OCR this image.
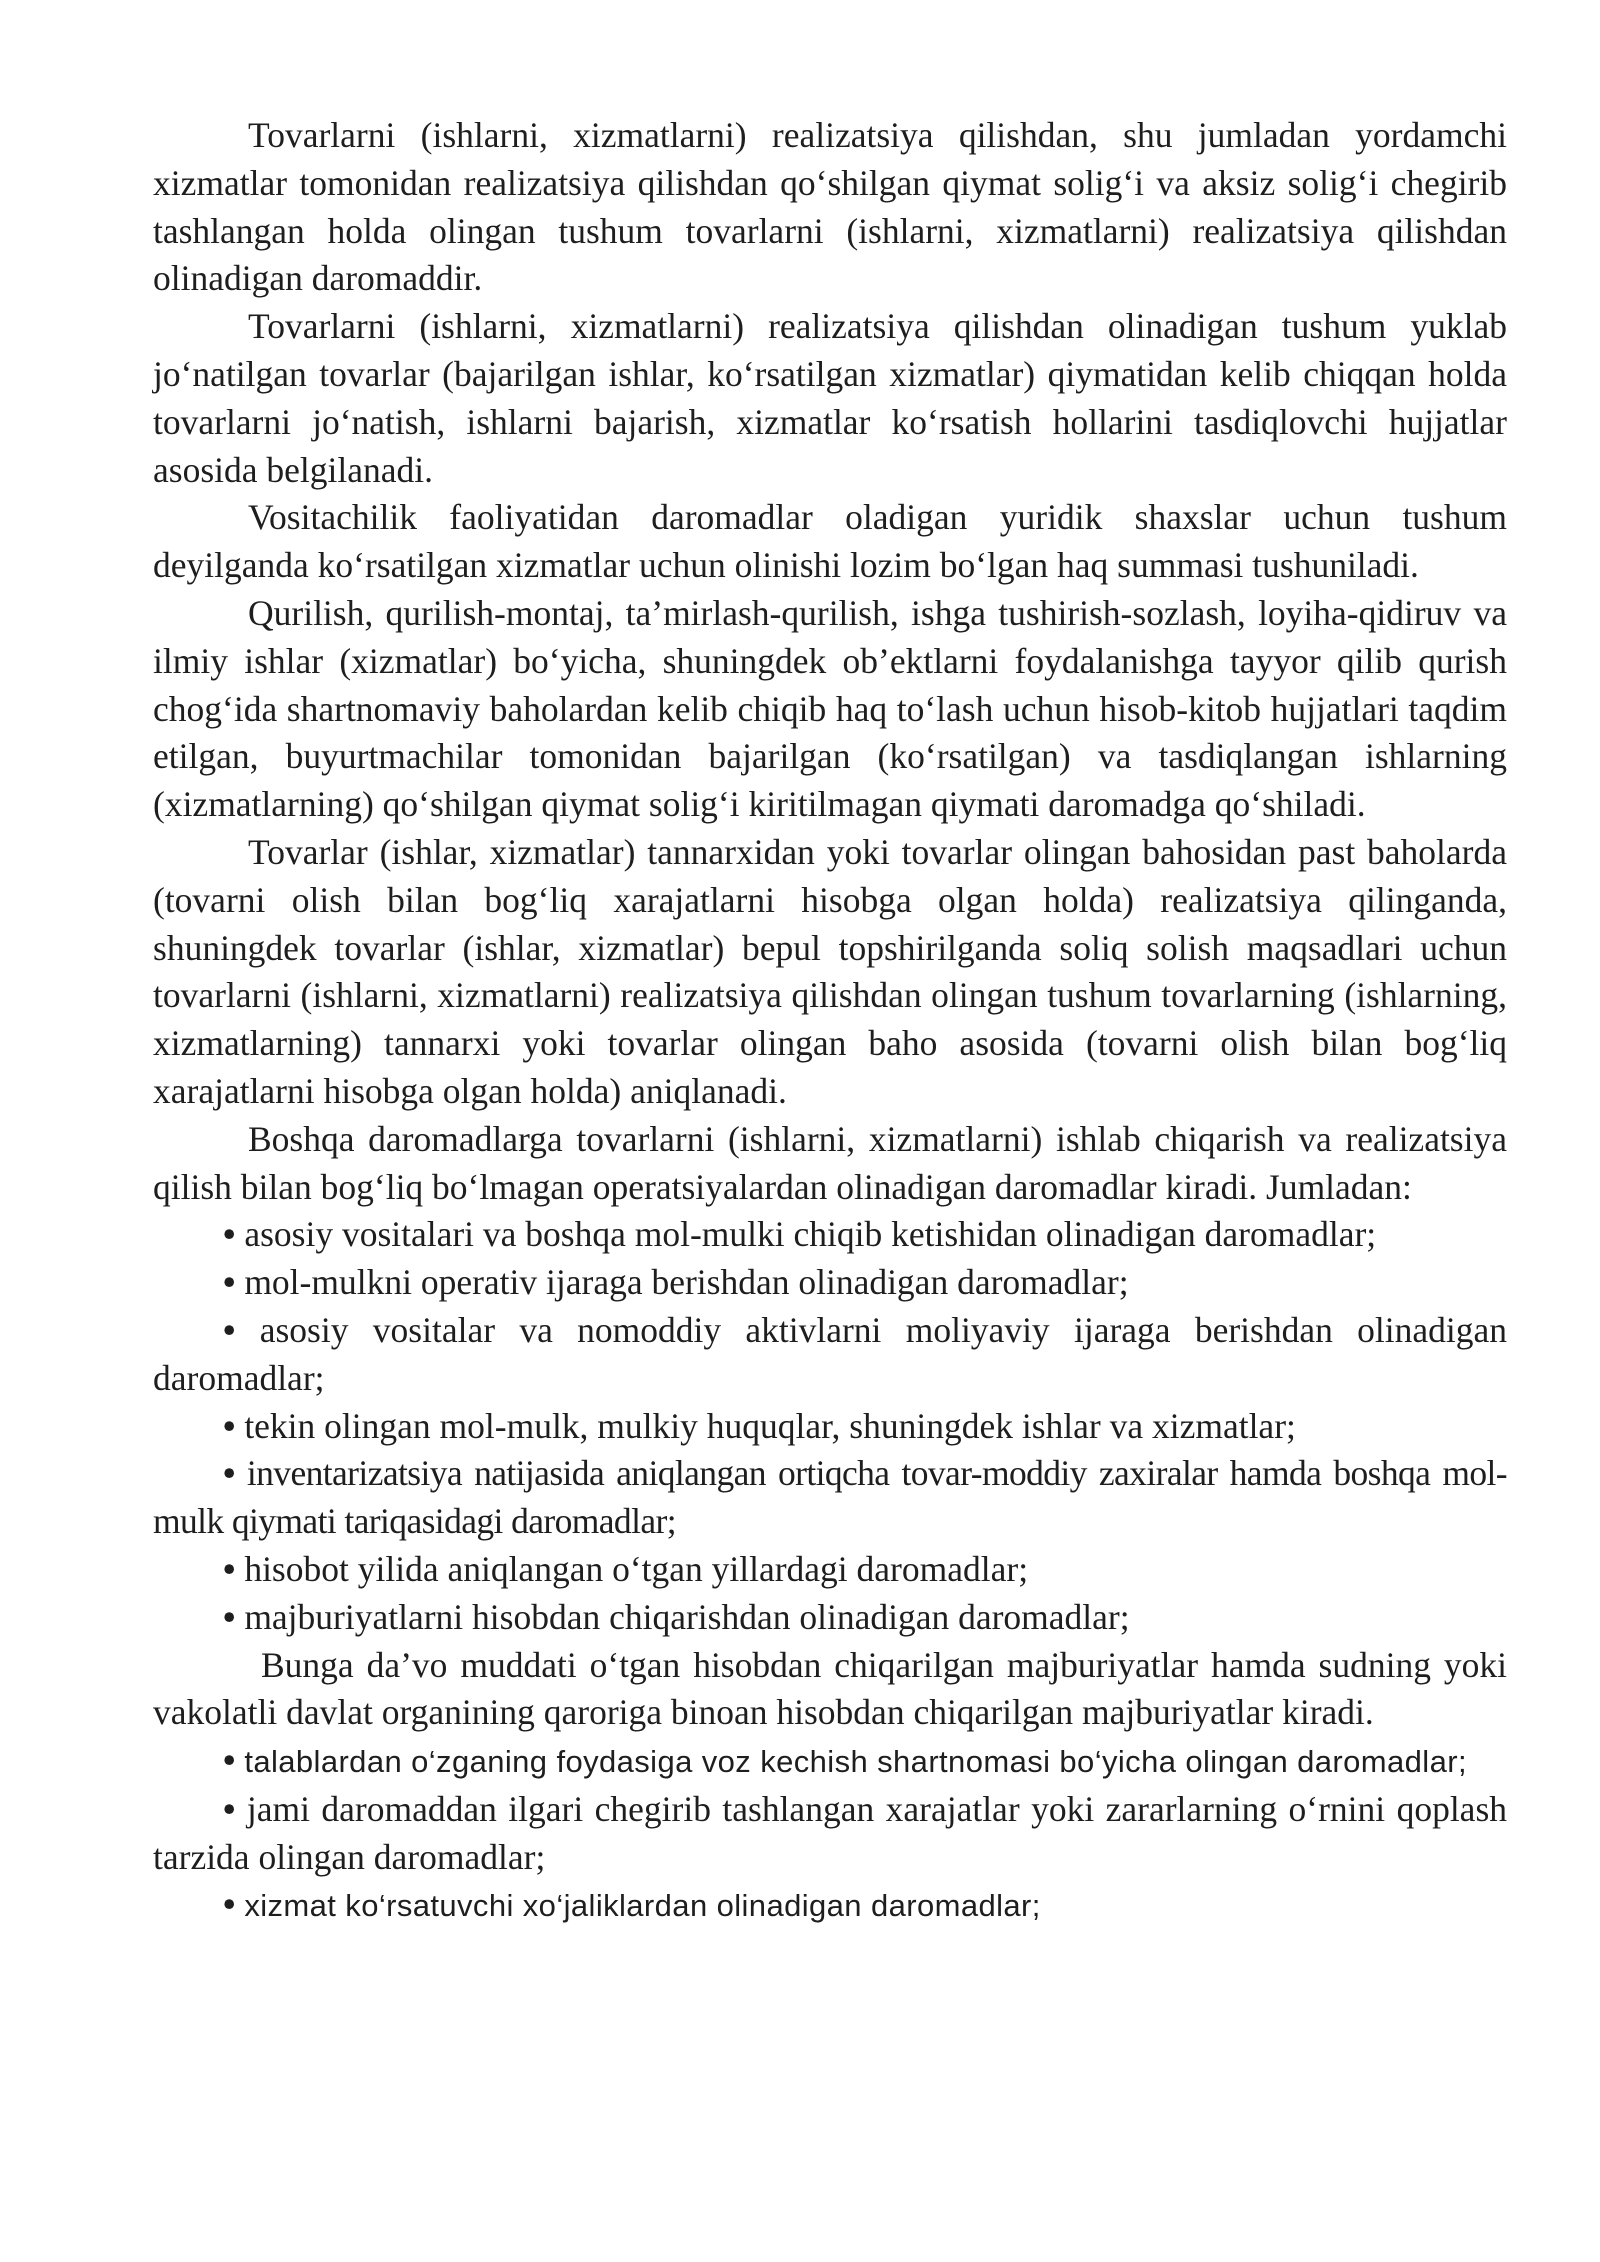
Tovarlarni (ishlarni, xizmatlarni) realizatsiya qilishdan, shu jumladan yordamchi xizmatlar tomonidan realizatsiya qilishdan qo‘shilgan qiymat solig‘i va aksiz solig‘i chegirib tashlangan holda olingan tushum tovarlarni (ishlarni, xizmatlarni) realizatsiya qilishdan olinadigan daromaddir.

Tovarlarni (ishlarni, xizmatlarni) realizatsiya qilishdan olinadigan tushum yuklab jo‘natilgan tovarlar (bajarilgan ishlar, ko‘rsatilgan xizmatlar) qiymatidan kelib chiqqan holda tovarlarni jo‘natish, ishlarni bajarish, xizmatlar ko‘rsatish hollarini tasdiqlovchi hujjatlar asosida belgilanadi.

Vositachilik faoliyatidan daromadlar oladigan yuridik shaxslar uchun tushum deyilganda ko‘rsatilgan xizmatlar uchun olinishi lozim bo‘lgan haq summasi tushuniladi.

Qurilish, qurilish-montaj, ta’mirlash-qurilish, ishga tushirish-sozlash, loyiha-qidiruv va ilmiy ishlar (xizmatlar) bo‘yicha, shuningdek ob’ektlarni foydalanishga tayyor qilib qurish chog‘ida shartnomaviy baholardan kelib chiqib haq to‘lash uchun hisob-kitob hujjatlari taqdim etilgan, buyurtmachilar tomonidan bajarilgan (ko‘rsatilgan) va tasdiqlangan ishlarning (xizmatlarning) qo‘shilgan qiymat solig‘i kiritilmagan qiymati daromadga qo‘shiladi.

Tovarlar (ishlar, xizmatlar) tannarxidan yoki tovarlar olingan bahosidan past baholarda (tovarni olish bilan bog‘liq xarajatlarni hisobga olgan holda) realizatsiya qilinganda, shuningdek tovarlar (ishlar, xizmatlar) bepul topshirilganda soliq solish maqsadlari uchun tovarlarni (ishlarni, xizmatlarni) realizatsiya qilishdan olingan tushum tovarlarning (ishlarning, xizmatlarning) tannarxi yoki tovarlar olingan baho asosida (tovarni olish bilan bog‘liq xarajatlarni hisobga olgan holda) aniqlanadi.

Boshqa daromadlarga tovarlarni (ishlarni, xizmatlarni) ishlab chiqarish va realizatsiya qilish bilan bog‘liq bo‘lmagan operatsiyalardan olinadigan daromadlar kiradi. Jumladan:

• asosiy vositalari va boshqa mol-mulki chiqib ketishidan olinadigan daromadlar;

• mol-mulkni operativ ijaraga berishdan olinadigan daromadlar;

• asosiy vositalar va nomoddiy aktivlarni moliyaviy ijaraga berishdan olinadigan daromadlar;

• tekin olingan mol-mulk, mulkiy huquqlar, shuningdek ishlar va xizmatlar;

• inventarizatsiya natijasida aniqlangan ortiqcha tovar-moddiy zaxiralar hamda boshqa mol-mulk qiymati tariqasidagi daromadlar;

• hisobot yilida aniqlangan o‘tgan yillardagi daromadlar;

• majburiyatlarni hisobdan chiqarishdan olinadigan daromadlar;

Bunga da’vo muddati o‘tgan hisobdan chiqarilgan majburiyatlar hamda sudning yoki vakolatli davlat organining qaroriga binoan hisobdan chiqarilgan majburiyatlar kiradi.

• talablardan o‘zganing foydasiga voz kechish shartnomasi bo‘yicha olingan daromadlar;

• jami daromaddan ilgari chegirib tashlangan xarajatlar yoki zararlarning o‘rnini qoplash tarzida olingan daromadlar;

• xizmat ko‘rsatuvchi xo‘jaliklardan olinadigan daromadlar;
